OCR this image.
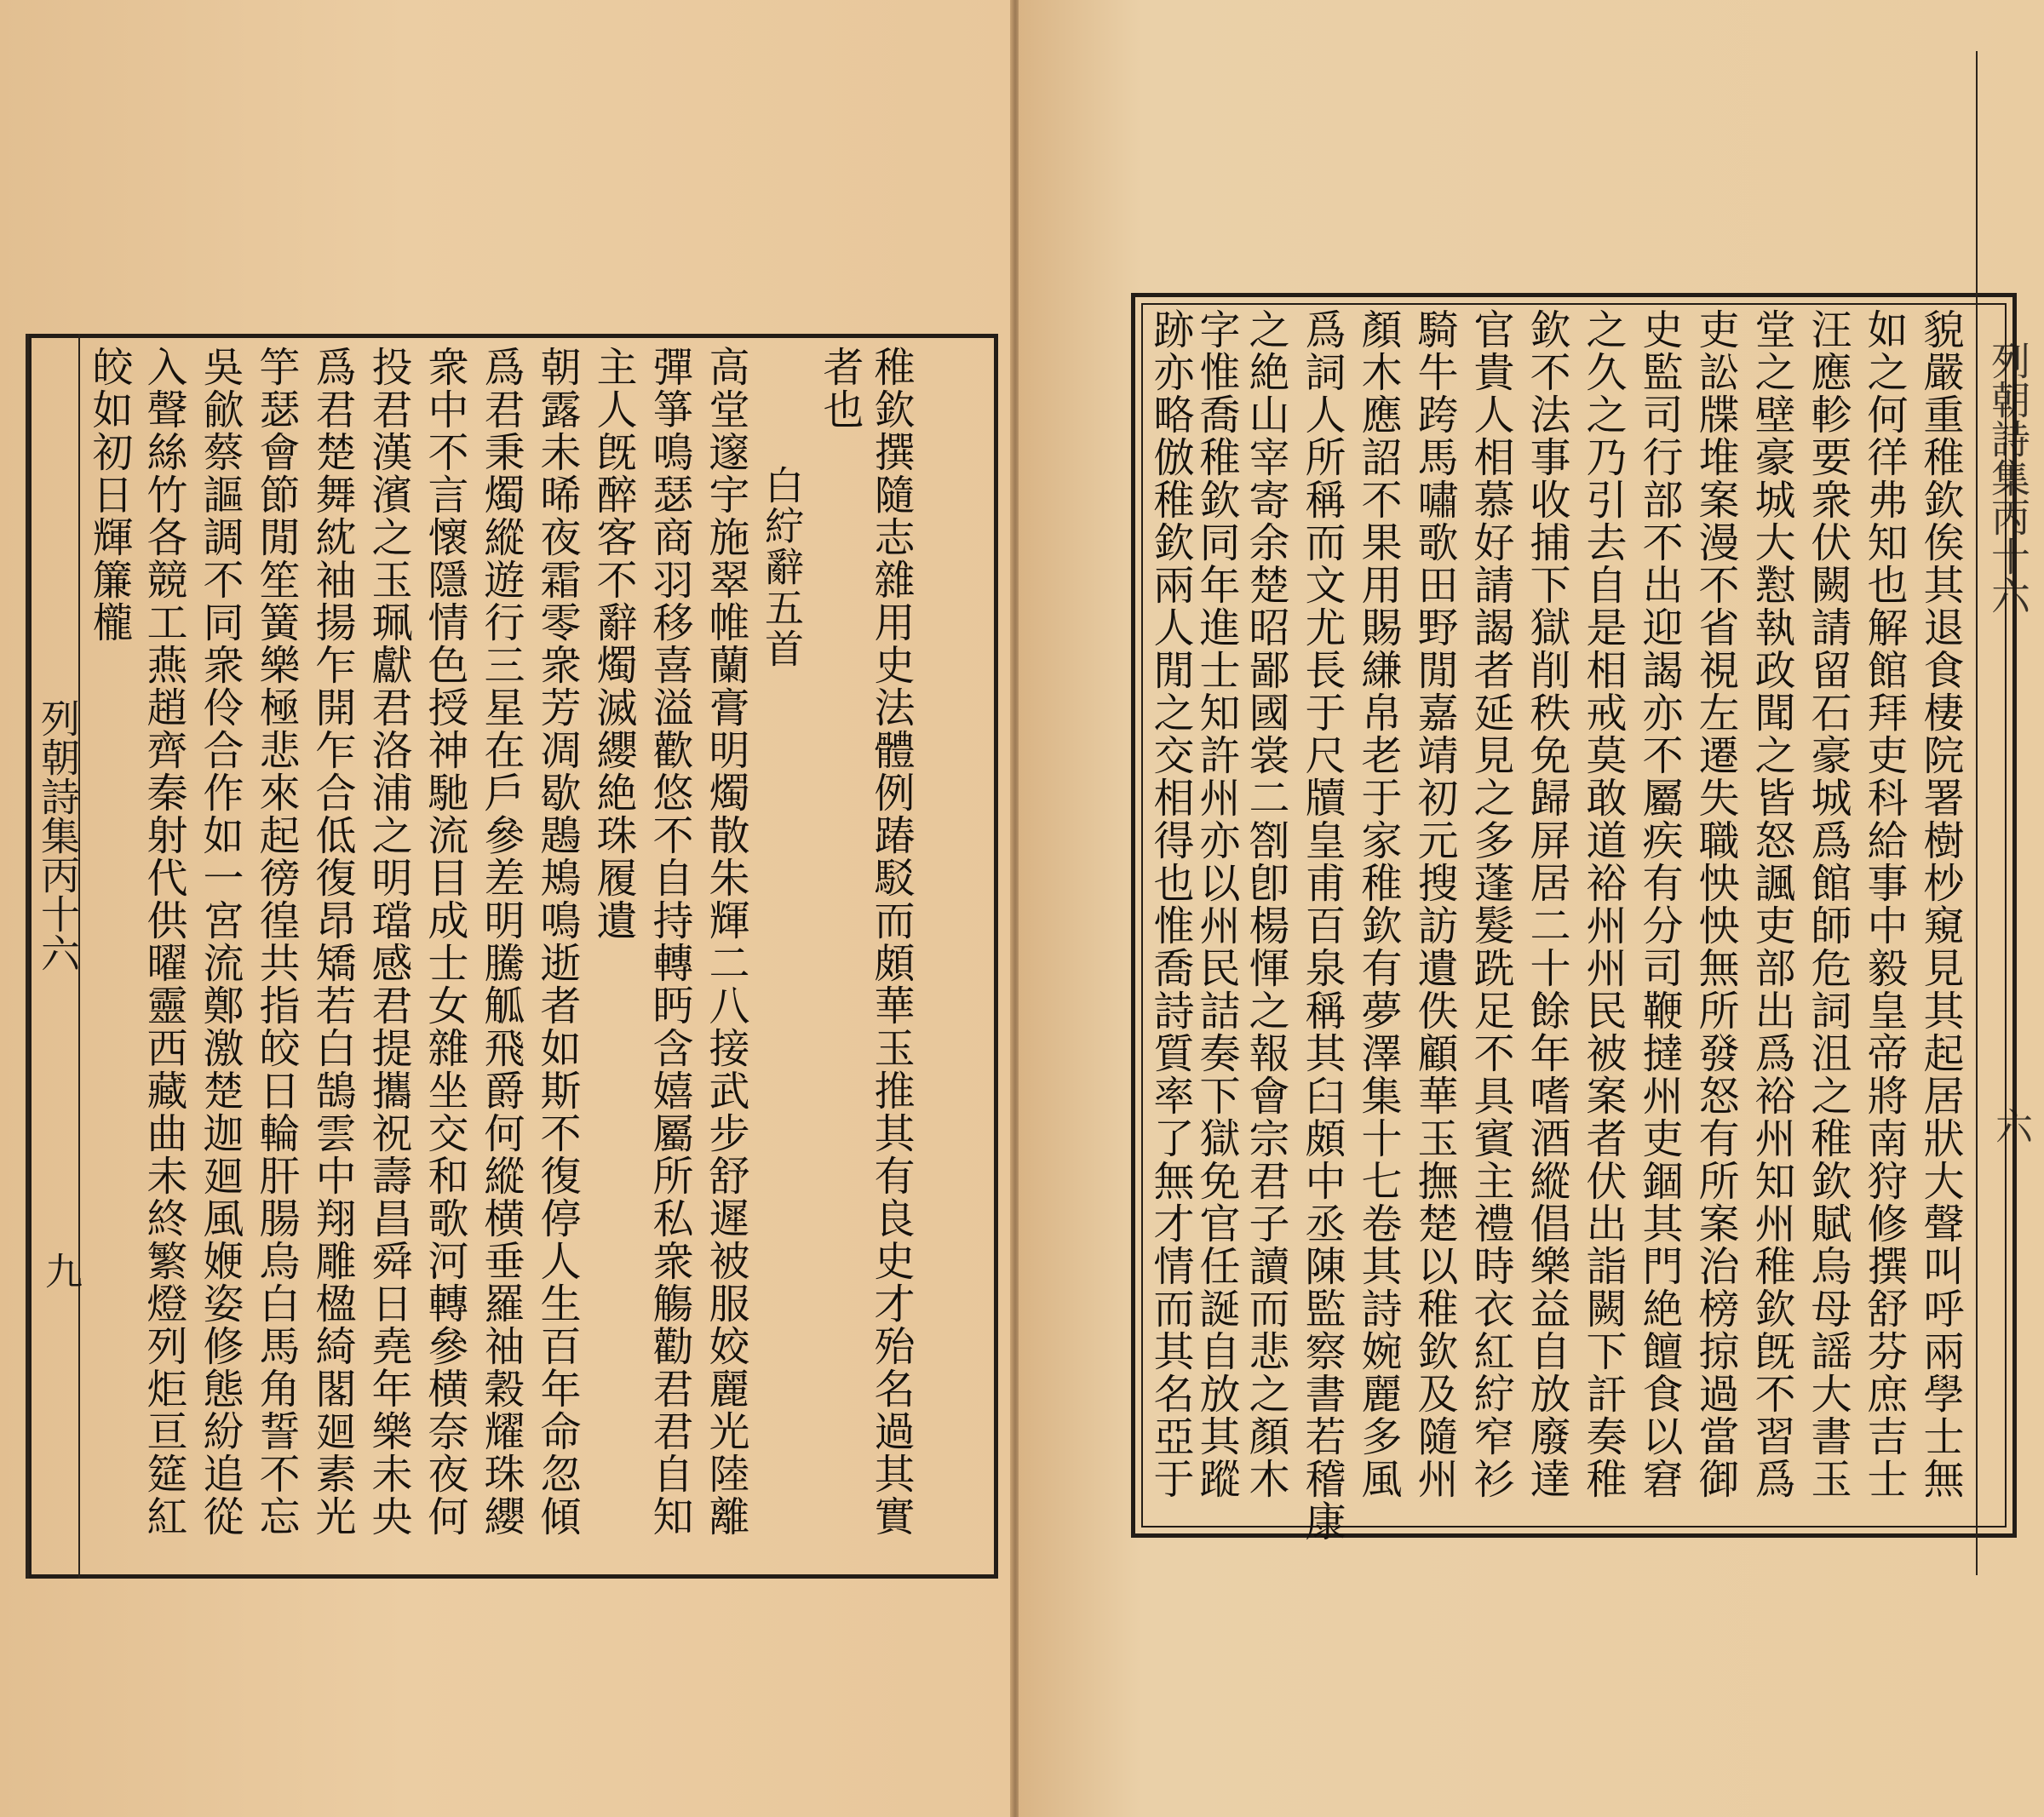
稚欽撰隨志雜用史法體例踳駁而頗華玉推其有良史才殆名過其實
者也
白紵辭五首
高堂邃宇施翠帷蘭膏明燭散朱輝二八接武步舒遲被服姣麗光陸離
彈箏鳴瑟商羽移喜溢歡悠不自持轉眄含嬉屬所私衆觴勸君君自知
主人旣醉客不辭燭滅纓絶珠履遺
朝露未晞夜霜零衆芳凋歇鶗鴂鳴逝者如斯不復停人生百年命忽傾
爲君秉燭縱遊行三星在戶參差明騰觚飛爵何縱横垂羅䄂穀耀珠纓
衆中不言懷隱情色授神馳流目成士女雜坐交和歌河轉參横奈夜何
投君漢濱之玉珮獻君洛浦之明璫感君提攜祝壽昌舜日堯年樂未央
爲君楚舞紞袖揚乍開乍合低復昂矯若白鵠雲中翔雕楹綺閣廻素光
竽瑟會節閒笙簧樂極悲來起徬徨共指皎日輪肝腸烏白馬角誓不忘
吳歈蔡謳調不同衆伶合作如一宮流鄭激楚迦廻風㛹姿修態紛追從
入聲絲竹各競工燕趙齊秦射代供曜靈西藏曲未終繁燈列炬亘筵紅
皎如初日輝簾櫳
列朝詩集丙十六
九	貌嚴重稚欽俟其退食棲院署樹杪窺見其起居狀大聲叫呼兩學士無
如之何徉弗知也解館拜吏科給事中毅皇帝將南狩修撰舒芬庶吉士
汪應軫要衆伏闕請留石豪城爲館師危詞沮之稚欽賦烏母謡大書玉
堂之壁豪城大懟執政聞之皆怒諷吏部出爲裕州知州稚欽旣不習爲
吏訟牒堆案漫不省視左遷失職怏怏無所發怒有所案治榜掠過當御
史監司行部不出迎謁亦不屬疾有分司鞭撻州吏錮其門絶饘食以窘
之久之乃引去自是相戒莫敢道裕州州民被案者伏出詣闕下訐奏稚
欽不法事收捕下獄削秩免歸屏居二十餘年嗜酒縱倡樂益自放廢達
官貴人相慕好請謁者延見之多蓬髮跣足不具賓主禮時衣紅紵窄衫
騎牛跨馬嘯歌田野閒嘉靖初元搜訪遺佚顧華玉撫楚以稚欽及隨州
顏木應詔不果用賜縑帛老于家稚欽有夢澤集十七卷其詩婉麗多風
爲詞人所稱而文尤長于尺牘皇甫百泉稱其臼頗中丞陳監察書若稽康
之絶山宰寄余楚昭鄙國裳二劄卽楊惲之報會宗君子讀而悲之顏木
字惟喬稚欽同年進士知許州亦以州民詰奏下獄免官任誕自放其蹤
跡亦略倣稚欽兩人閒之交相得也惟喬詩質率了無才情而其名亞于	列朝詩集丙十六
六
